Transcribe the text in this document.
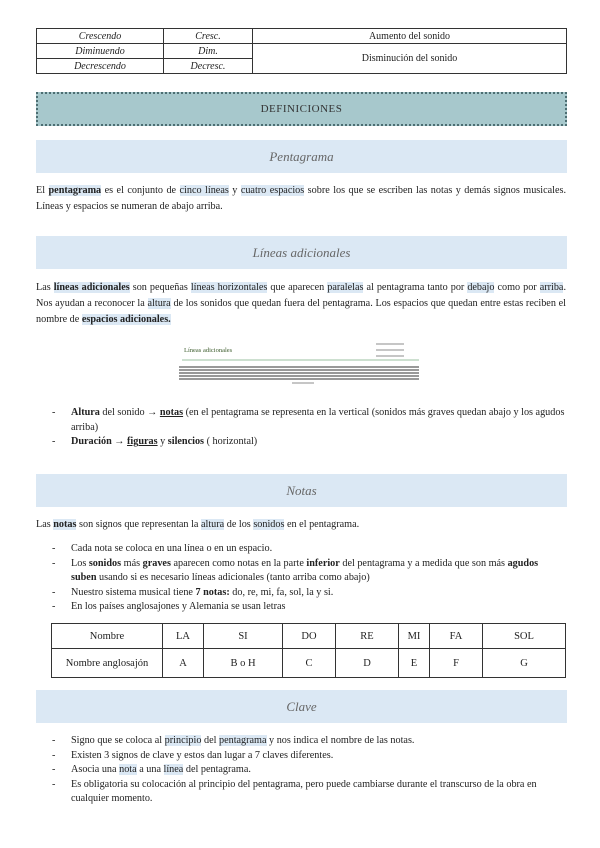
Crescendo	Cresc.	Aumento del sonido
Diminuendo	Dim.	Disminución del sonido
Decrescendo	Decresc.	
DEFINICIONES
Pentagrama
El pentagrama es el conjunto de cinco líneas y cuatro espacios sobre los que se escriben las notas y demás signos musicales. Líneas y espacios se numeran de abajo arriba.
Líneas adicionales
Las líneas adicionales son pequeñas líneas horizontales que aparecen paralelas al pentagrama tanto por debajo como por arriba. Nos ayudan a reconocer la altura de los sonidos que quedan fuera del pentagrama. Los espacios que quedan entre estas reciben el nombre de espacios adicionales.
Líneas adicionales
- Altura del sonido → notas (en el pentagrama se representa en la vertical (sonidos más graves quedan abajo y los agudos arriba)
- Duración → figuras y silencios ( horizontal)
Notas
Las notas son signos que representan la altura de los sonidos en el pentagrama.
- Cada nota se coloca en una línea o en un espacio.
- Los sonidos más graves aparecen como notas en la parte inferior del pentagrama y a medida que son más agudos suben usando si es necesario líneas adicionales (tanto arriba como abajo)
- Nuestro sistema musical tiene 7 notas: do, re, mi, fa, sol, la y si.
- En los países anglosajones y Alemania se usan letras
Nombre	LA	SI	DO	RE	MI	FA	SOL
Nombre anglosajón	A	B o H	C	D	E	F	G
Clave
- Signo que se coloca al principio del pentagrama y nos indica el nombre de las notas.
- Existen 3 signos de clave y estos dan lugar a 7 claves diferentes.
- Asocia una nota a una línea del pentagrama.
- Es obligatoria su colocación al principio del pentagrama, pero puede cambiarse durante el transcurso de la obra en cualquier momento.
